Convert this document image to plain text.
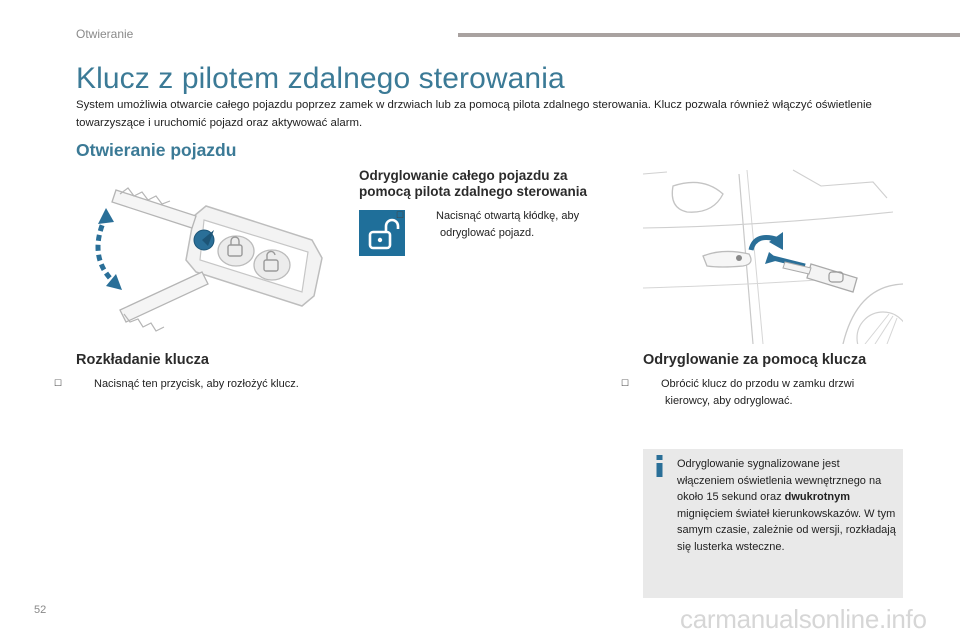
Otwieranie
Klucz z pilotem zdalnego sterowania

System umożliwia otwarcie całego pojazdu poprzez zamek w drzwiach lub za pomocą pilota zdalnego sterowania. Klucz pozwala również włączyć oświetlenie towarzyszące i uruchomić pojazd oraz aktywować alarm.

Otwieranie pojazdu
Odryglowanie całego pojazdu za
pomocą pilota zdalnego sterowania
☐	Nacisnąć otwartą kłódkę, aby odryglować pojazd.
Rozkładanie klucza
☐	Nacisnąć ten przycisk, aby rozłożyć klucz.
Odryglowanie za pomocą klucza
☐	Obrócić klucz do przodu w zamku drzwi kierowcy, aby odryglować.

Odryglowanie sygnalizowane jest włączeniem oświetlenia wewnętrznego na około 15 sekund oraz dwukrotnym mignięciem świateł kierunkowskazów. W tym samym czasie, zależnie od wersji, rozkładają się lusterka wsteczne.

52	carmanualsonline.info
